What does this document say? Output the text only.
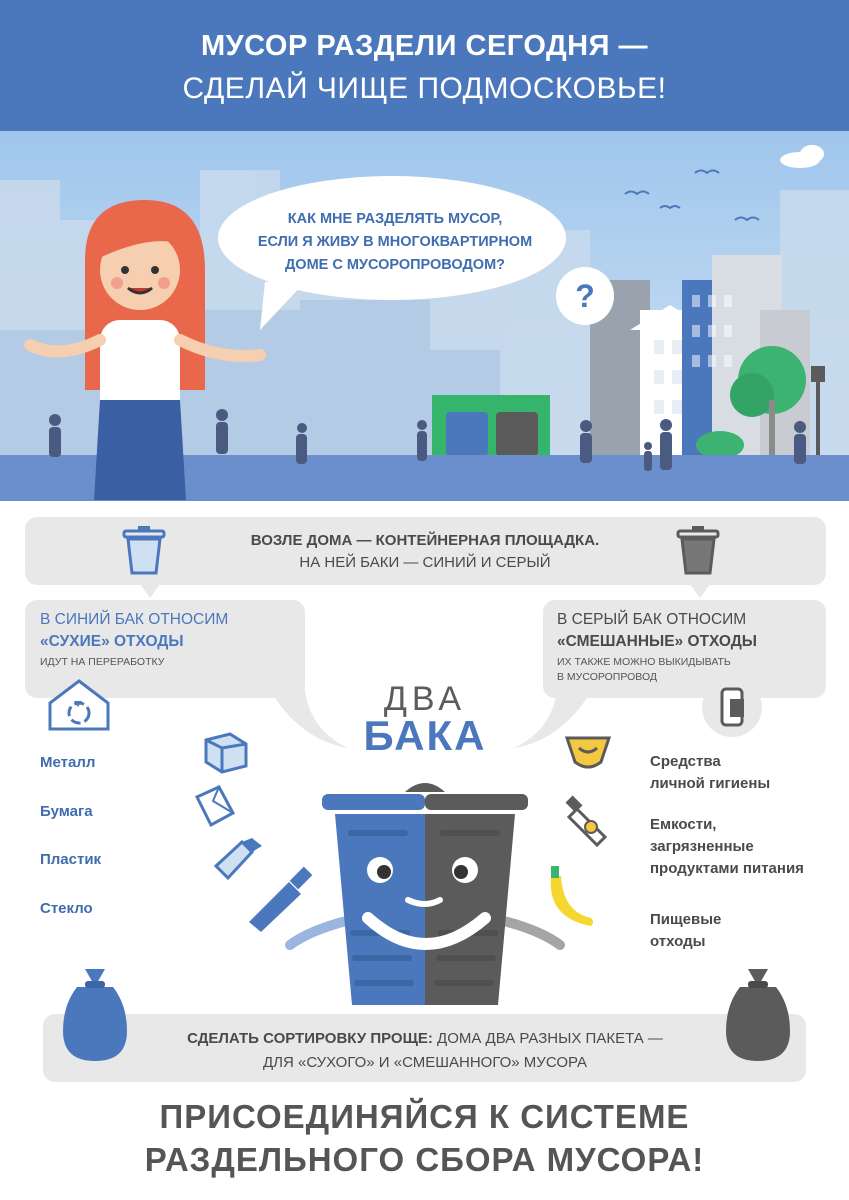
МУСОР РАЗДЕЛИ СЕГОДНЯ —
СДЕЛАЙ ЧИЩЕ ПОДМОСКОВЬЕ!
КАК МНЕ РАЗДЕЛЯТЬ МУСОР,
ЕСЛИ Я ЖИВУ В МНОГОКВАРТИРНОМ
ДОМЕ С МУСОРОПРОВОДОМ?
?
ВОЗЛЕ ДОМА — КОНТЕЙНЕРНАЯ ПЛОЩАДКА.
НА НЕЙ БАКИ — СИНИЙ И СЕРЫЙ
В СИНИЙ БАК ОТНОСИМ
«СУХИЕ» ОТХОДЫ
ИДУТ НА ПЕРЕРАБОТКУ
В СЕРЫЙ БАК ОТНОСИМ
«СМЕШАННЫЕ» ОТХОДЫ
ИХ ТАКЖЕ МОЖНО ВЫКИДЫВАТЬ
В МУСОРОПРОВОД
Металл
Бумага
Пластик
Стекло
Средства
личной гигиены
Емкости,
загрязненные
продуктами питания
Пищевые
отходы
ДВА
БАКА
СДЕЛАТЬ СОРТИРОВКУ ПРОЩЕ: ДОМА ДВА РАЗНЫХ ПАКЕТА —
ДЛЯ «СУХОГО» И «СМЕШАННОГО» МУСОРА
ПРИСОЕДИНЯЙСЯ К СИСТЕМЕ
РАЗДЕЛЬНОГО СБОРА МУСОРА!
